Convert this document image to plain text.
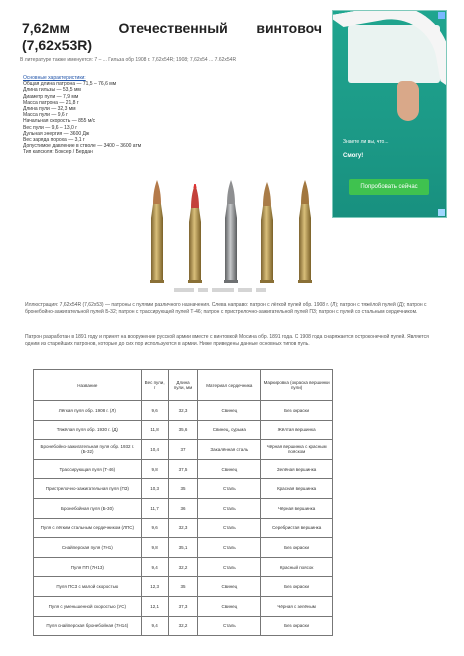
7,62мм	Отечественный винтовоч
(7,62х53R)
В литературе также именуется: 7 – ... Гильза обр 1908 г. 7,62x54R; 1908; 7,62x54 ... 7.62x54R
Основные характеристики:
Общая длина патрона — 71,5 – 76,6 мм
Длина гильзы — 53,5 мм
Диаметр пули — 7,9 мм
Масса патрона — 21,8 г
Длина пули — 32,3 мм
Масса пули — 9,6 г
Начальная скорость — 855 м/с
Вес пули — 9,6 – 13,0 г
Дульная энергия — 3600 Дж
Вес заряда пороха — 3,1 г
Допустимое давление в стволе — 3400 – 3600 атм
Тип капсюля: Боксер / Бердан
Знаете ли вы, что...
Смогу!
Попробовать сейчас
Иллюстрация: 7,62х54R (7,62х53) — патроны с пулями различного назначения. Слева направо: патрон с лёгкой пулей обр. 1908 г. (Л); патрон с тяжёлой пулей (Д); патрон с бронебойно-зажигательной пулей Б-32; патрон с трассирующей пулей Т-46; патрон с пристрелочно-зажигательной пулей ПЗ; патрон с пулей со стальным сердечником.
Патрон разработан в 1891 году и принят на вооружение русской армии вместе с винтовкой Мосина обр. 1891 года. С 1908 года снаряжается остроконечной пулей. Является одним из старейших патронов, которые до сих пор используются в армии. Ниже приведены данные основных типов пуль.
Название	Вес пули, г	Длина пули, мм	Материал сердечника	Маркировка (окраска вершинки пули)
Лёгкая пуля обр. 1908 г. (Л)	9,6	32,3	Свинец	Без окраски
Тяжёлая пуля обр. 1930 г. (Д)	11,8	35,6	Свинец, сурьма	Жёлтая вершинка
Бронебойно-зажигательная пуля обр. 1932 г. (Б-32)	10,4	37	Закалённая сталь	Чёрная вершинка с красным пояском
Трассирующая пуля (Т-46)	9,8	37,5	Свинец	Зелёная вершинка
Пристрелочно-зажигательная пуля (ПЗ)	10,3	35	Сталь	Красная вершинка
Бронебойная пуля (Б-30)	11,7	36	Сталь	Чёрная вершинка
Пуля с лёгким стальным сердечником (ЛПС)	9,6	32,3	Сталь	Серебристая вершинка
Снайперская пуля (7Н1)	9,8	35,1	Сталь	Без окраски
Пуля ПП (7Н13)	9,4	32,2	Сталь	Красный поясок
Пуля ПСЗ с малой скоростью	12,3	35	Свинец	Без окраски
Пуля с уменьшенной скоростью (УС)	12,1	37,3	Свинец	Чёрная с зелёным
Пуля снайперская бронебойная (7Н14)	9,4	32,2	Сталь	Без окраски
